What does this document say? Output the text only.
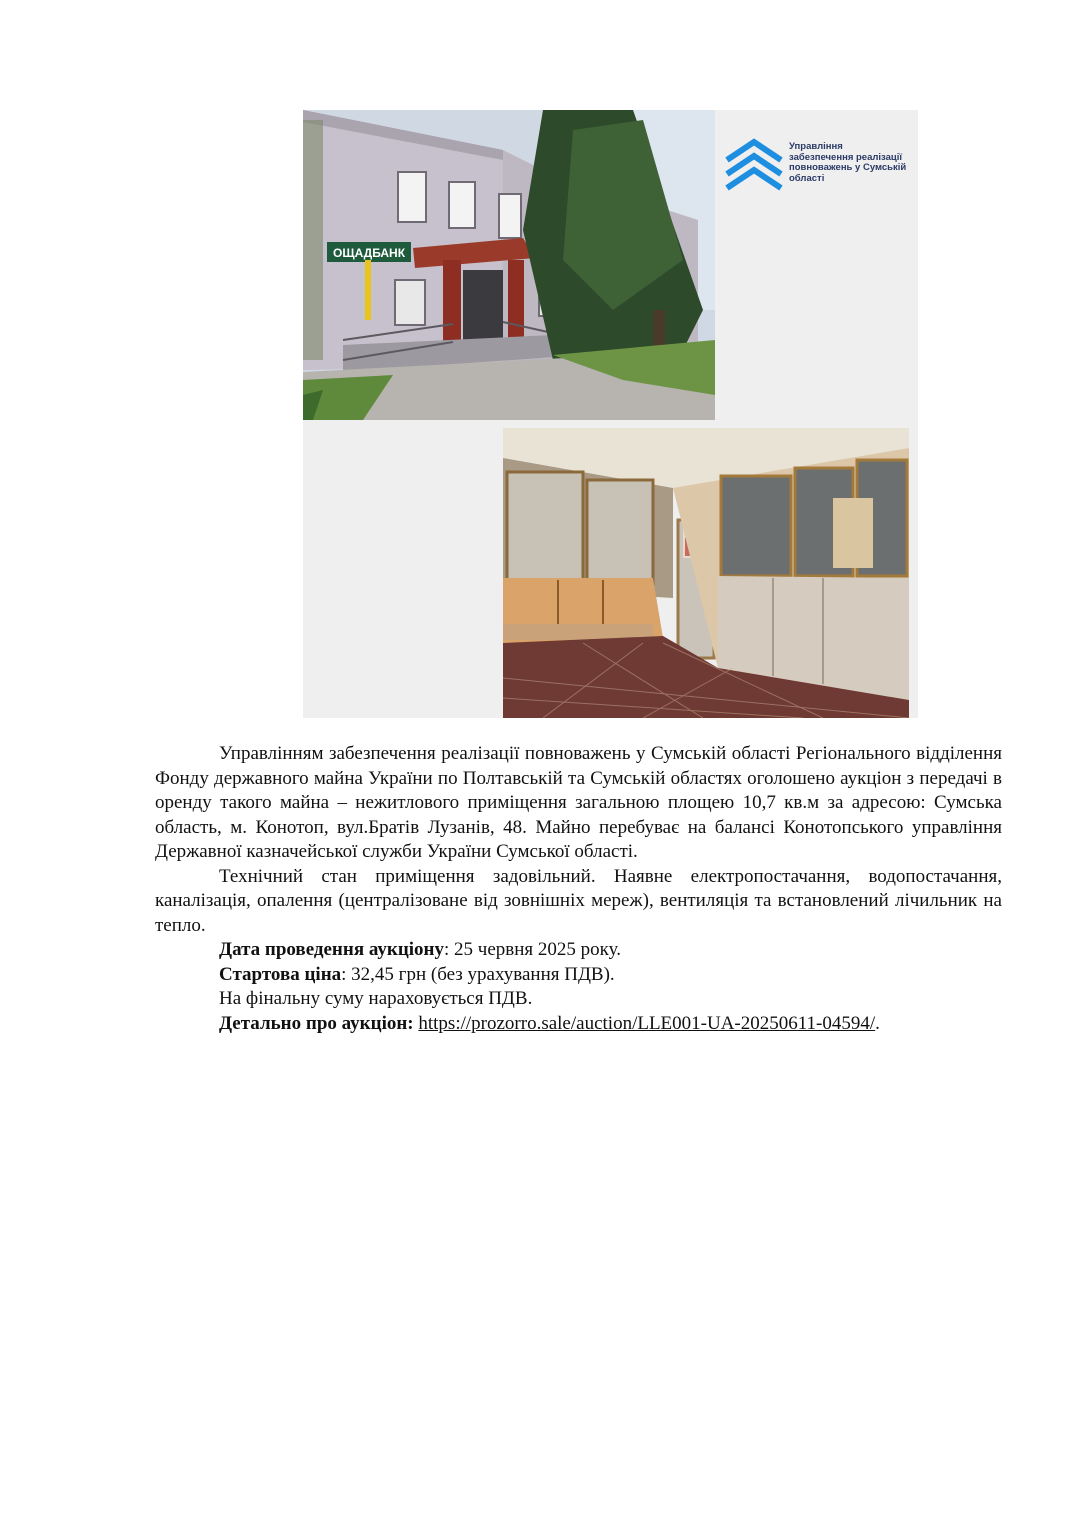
ОЩАДБАНК
Управління
забезпечення реалізації
повноважень у Сумській
області

Управлінням забезпечення реалізації повноважень у Сумській області Регіонального відділення Фонду державного майна України по Полтавській та Сумській областях оголошено аукціон з передачі в оренду такого майна – нежитлового приміщення загальною площею 10,7 кв.м за адресою: Сумська область, м. Конотоп, вул.Братів Лузанів, 48. Майно перебуває на балансі Конотопського управління Державної казначейської служби України Сумської області.

Технічний стан приміщення задовільний. Наявне електропостачання, водопостачання, каналізація, опалення (централізоване від зовнішніх мереж), вентиляція та встановлений лічильник на тепло.

Дата проведення аукціону: 25 червня 2025 року.

Стартова ціна: 32,45 грн (без урахування ПДВ).

На фінальну суму нараховується ПДВ.

Детально про аукціон: https://prozorro.sale/auction/LLE001-UA-20250611-04594/.
